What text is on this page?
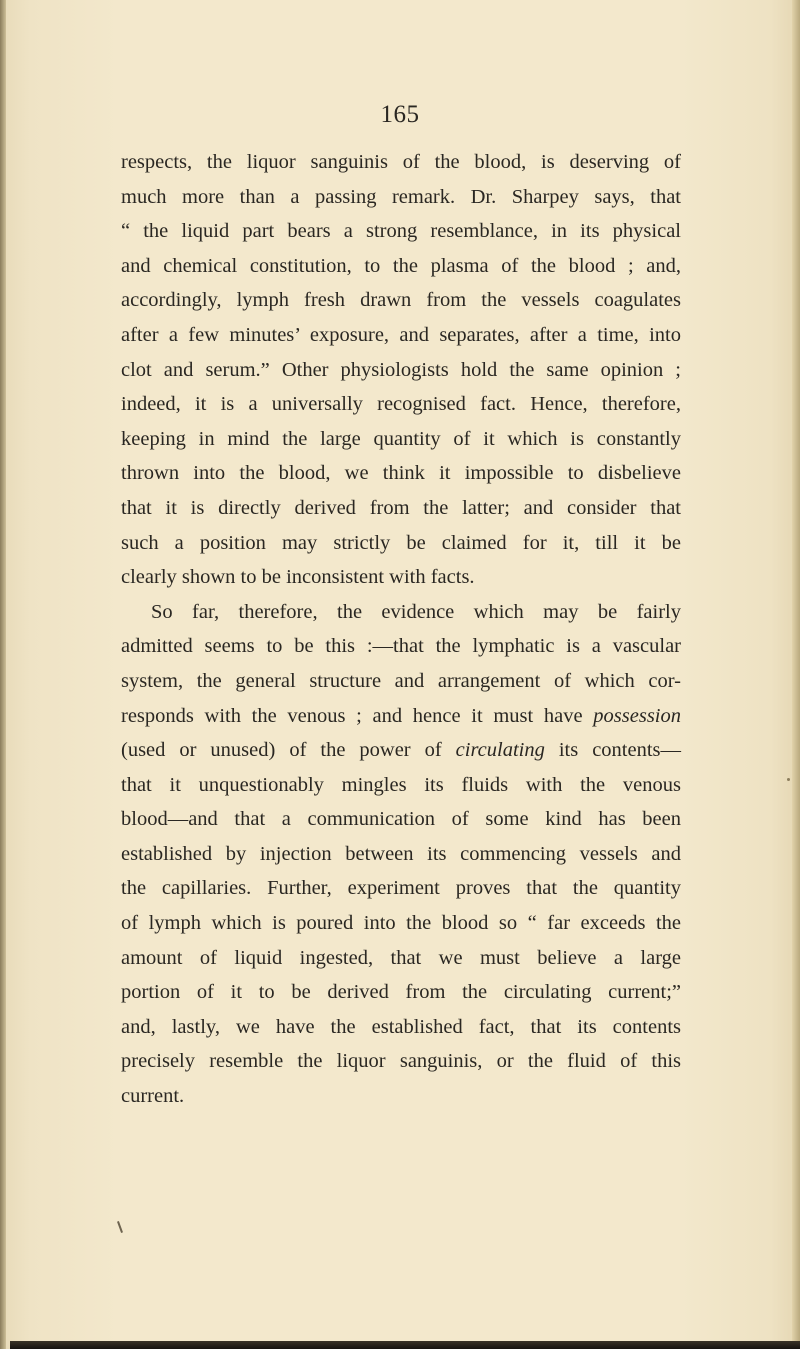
165
respects, the liquor sanguinis of the blood, is deserving of
much more than a passing remark. Dr. Sharpey says, that
“ the liquid part bears a strong resemblance, in its physical
and chemical constitution, to the plasma of the blood ; and,
accordingly, lymph fresh drawn from the vessels coagulates
after a few minutes’ exposure, and separates, after a time, into
clot and serum.” Other physiologists hold the same opinion ;
indeed, it is a universally recognised fact. Hence, therefore,
keeping in mind the large quantity of it which is constantly
thrown into the blood, we think it impossible to disbelieve
that it is directly derived from the latter; and consider that
such a position may strictly be claimed for it, till it be
clearly shown to be inconsistent with facts.
So far, therefore, the evidence which may be fairly
admitted seems to be this :—that the lymphatic is a vascular
system, the general structure and arrangement of which cor-
responds with the venous ; and hence it must have possession
(used or unused) of the power of circulating its contents—
that it unquestionably mingles its fluids with the venous
blood—and that a communication of some kind has been
established by injection between its commencing vessels and
the capillaries. Further, experiment proves that the quantity
of lymph which is poured into the blood so “ far exceeds the
amount of liquid ingested, that we must believe a large
portion of it to be derived from the circulating current;”
and, lastly, we have the established fact, that its contents
precisely resemble the liquor sanguinis, or the fluid of this
current.
